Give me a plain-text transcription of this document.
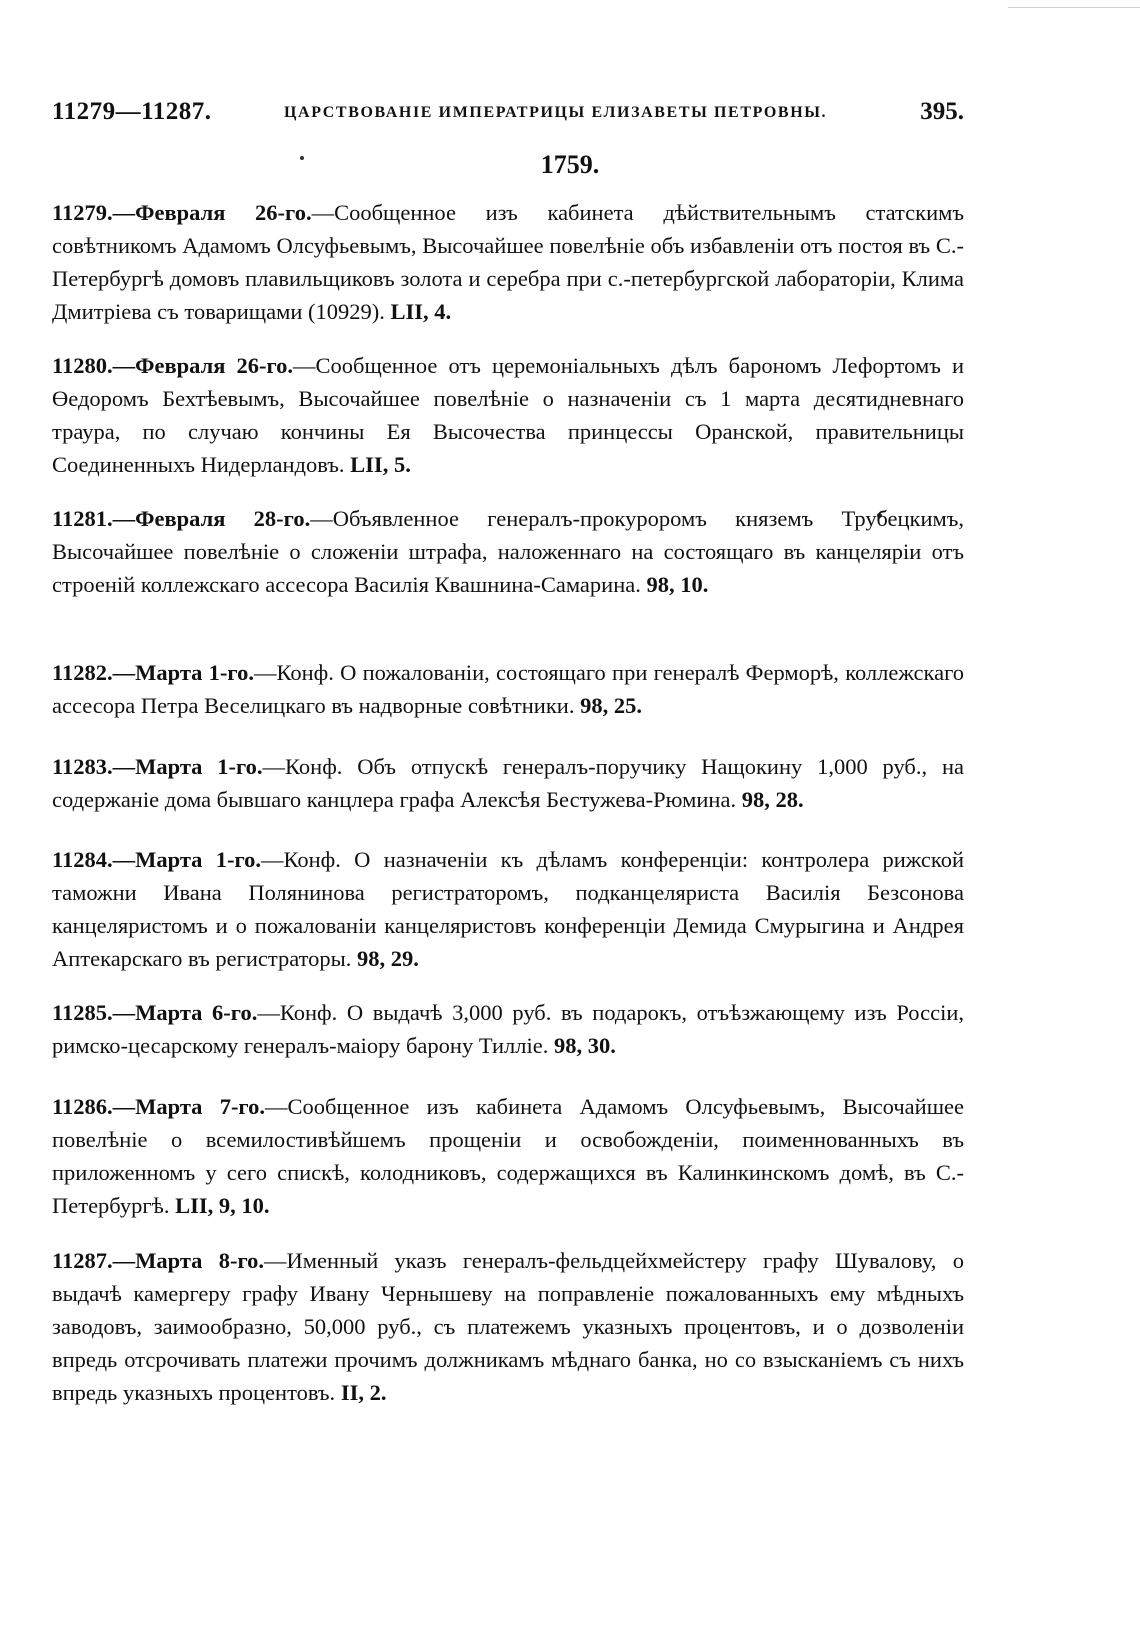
11279—11287.	ЦАРСТВОВАНІЕ ИМПЕРАТРИЦЫ ЕЛИЗАВЕТЫ ПЕТРОВНЫ.	395.
1759.
11279.—Февраля 26-го.—Сообщенное изъ кабинета дѣйствительнымъ статскимъ совѣтникомъ Адамомъ Олсуфьевымъ, Высочайшее повелѣніе объ избавленіи отъ постоя въ С.-Петербургѣ домовъ плавильщиковъ золота и серебра при с.-петербургской лабораторіи, Клима Дмитріева съ товарищами (10929). LII, 4.
11280.—Февраля 26-го.—Сообщенное отъ церемоніальныхъ дѣлъ барономъ Лефортомъ и Өедоромъ Бехтѣевымъ, Высочайшее повелѣніе о назначеніи съ 1 марта десятидневнаго траура, по случаю кончины Ея Высочества принцессы Оранской, правительницы Соединенныхъ Нидерландовъ. LII, 5.
11281.—Февраля 28-го.—Объявленное генералъ-прокуроромъ княземъ Трубецкимъ, Высочайшее повелѣніе о сложеніи штрафа, наложеннаго на состоящаго въ канцеляріи отъ строеній коллежскаго ассесора Василія Квашнина-Самарина. 98, 10.
11282.—Марта 1-го.—Конф. О пожалованіи, состоящаго при генералѣ Ферморѣ, коллежскаго ассесора Петра Веселицкаго въ надворные совѣтники. 98, 25.
11283.—Марта 1-го.—Конф. Объ отпускѣ генералъ-поручику Нащокину 1,000 руб., на содержаніе дома бывшаго канцлера графа Алексѣя Бестужева-Рюмина. 98, 28.
11284.—Марта 1-го.—Конф. О назначеніи къ дѣламъ конференціи: контролера рижской таможни Ивана Полянинова регистраторомъ, подканцеляриста Василія Безсонова канцеляристомъ и о пожалованіи канцеляристовъ конференціи Демида Смурыгина и Андрея Аптекарскаго въ регистраторы. 98, 29.
11285.—Марта 6-го.—Конф. О выдачѣ 3,000 руб. въ подарокъ, отъѣзжающему изъ Россіи, римско-цесарскому генералъ-маіору барону Тилліе. 98, 30.
11286.—Марта 7-го.—Сообщенное изъ кабинета Адамомъ Олсуфьевымъ, Высочайшее повелѣніе о всемилостивѣйшемъ прощеніи и освобожденіи, поименнованныхъ въ приложенномъ у сего спискѣ, колодниковъ, содержащихся въ Калинкинскомъ домѣ, въ С.-Петербургѣ. LII, 9, 10.
11287.—Марта 8-го.—Именный указъ генералъ-фельдцейхмейстеру графу Шувалову, о выдачѣ камергеру графу Ивану Чернышеву на поправленіе пожалованныхъ ему мѣдныхъ заводовъ, заимообразно, 50,000 руб., съ платежемъ указныхъ процентовъ, и о дозволеніи впредь отсрочивать платежи прочимъ должникамъ мѣднаго банка, но со взысканіемъ съ нихъ впредь указныхъ процентовъ. II, 2.
